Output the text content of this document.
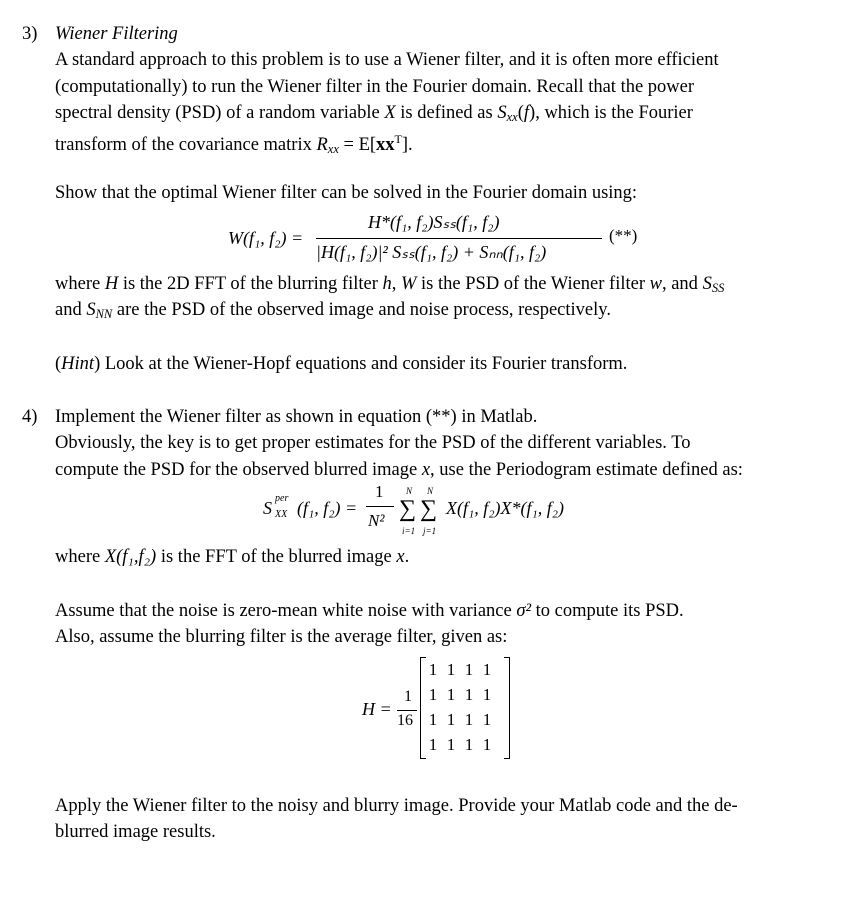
3) Wiener Filtering
A standard approach to this problem is to use a Wiener filter, and it is often more efficient
(computationally) to run the Wiener filter in the Fourier domain. Recall that the power
spectral density (PSD) of a random variable X is defined as $S_{xx}(f)$, which is the Fourier
transform of the covariance matrix $R_{xx} = E[xx^T]$.
Show that the optimal Wiener filter can be solved in the Fourier domain using:
W(f₁, f₂) =
H*(f₁, f₂)Sₛₛ(f₁, f₂)
|H(f₁, f₂)|² Sₛₛ(f₁, f₂) + Sₙₙ(f₁, f₂)
(**)
where H is the 2D FFT of the blurring filter h, W is the PSD of the Wiener filter w, and $S_{SS}$
and $S_{NN}$ are the PSD of the observed image and noise process, respectively.
(Hint) Look at the Wiener-Hopf equations and consider its Fourier transform.
4) Implement the Wiener filter as shown in equation (**) in Matlab.
Obviously, the key is to get proper estimates for the PSD of the different variables. To
compute the PSD for the observed blurred image x, use the Periodogram estimate defined as:
S per
XX (f₁, f₂) =
1
N²
N N
∑ ∑
i=1 j=1
X(f₁, f₂)X*(f₁, f₂)
where X(f₁,f₂) is the FFT of the blurred image x.
Assume that the noise is zero-mean white noise with variance σ² to compute its PSD.
Also, assume the blurring filter is the average filter, given as:
H =
1
16
1	1	1	1
1	1	1	1
1	1	1	1
1	1	1	1
Apply the Wiener filter to the noisy and blurry image. Provide your Matlab code and the de-
blurred image results.
